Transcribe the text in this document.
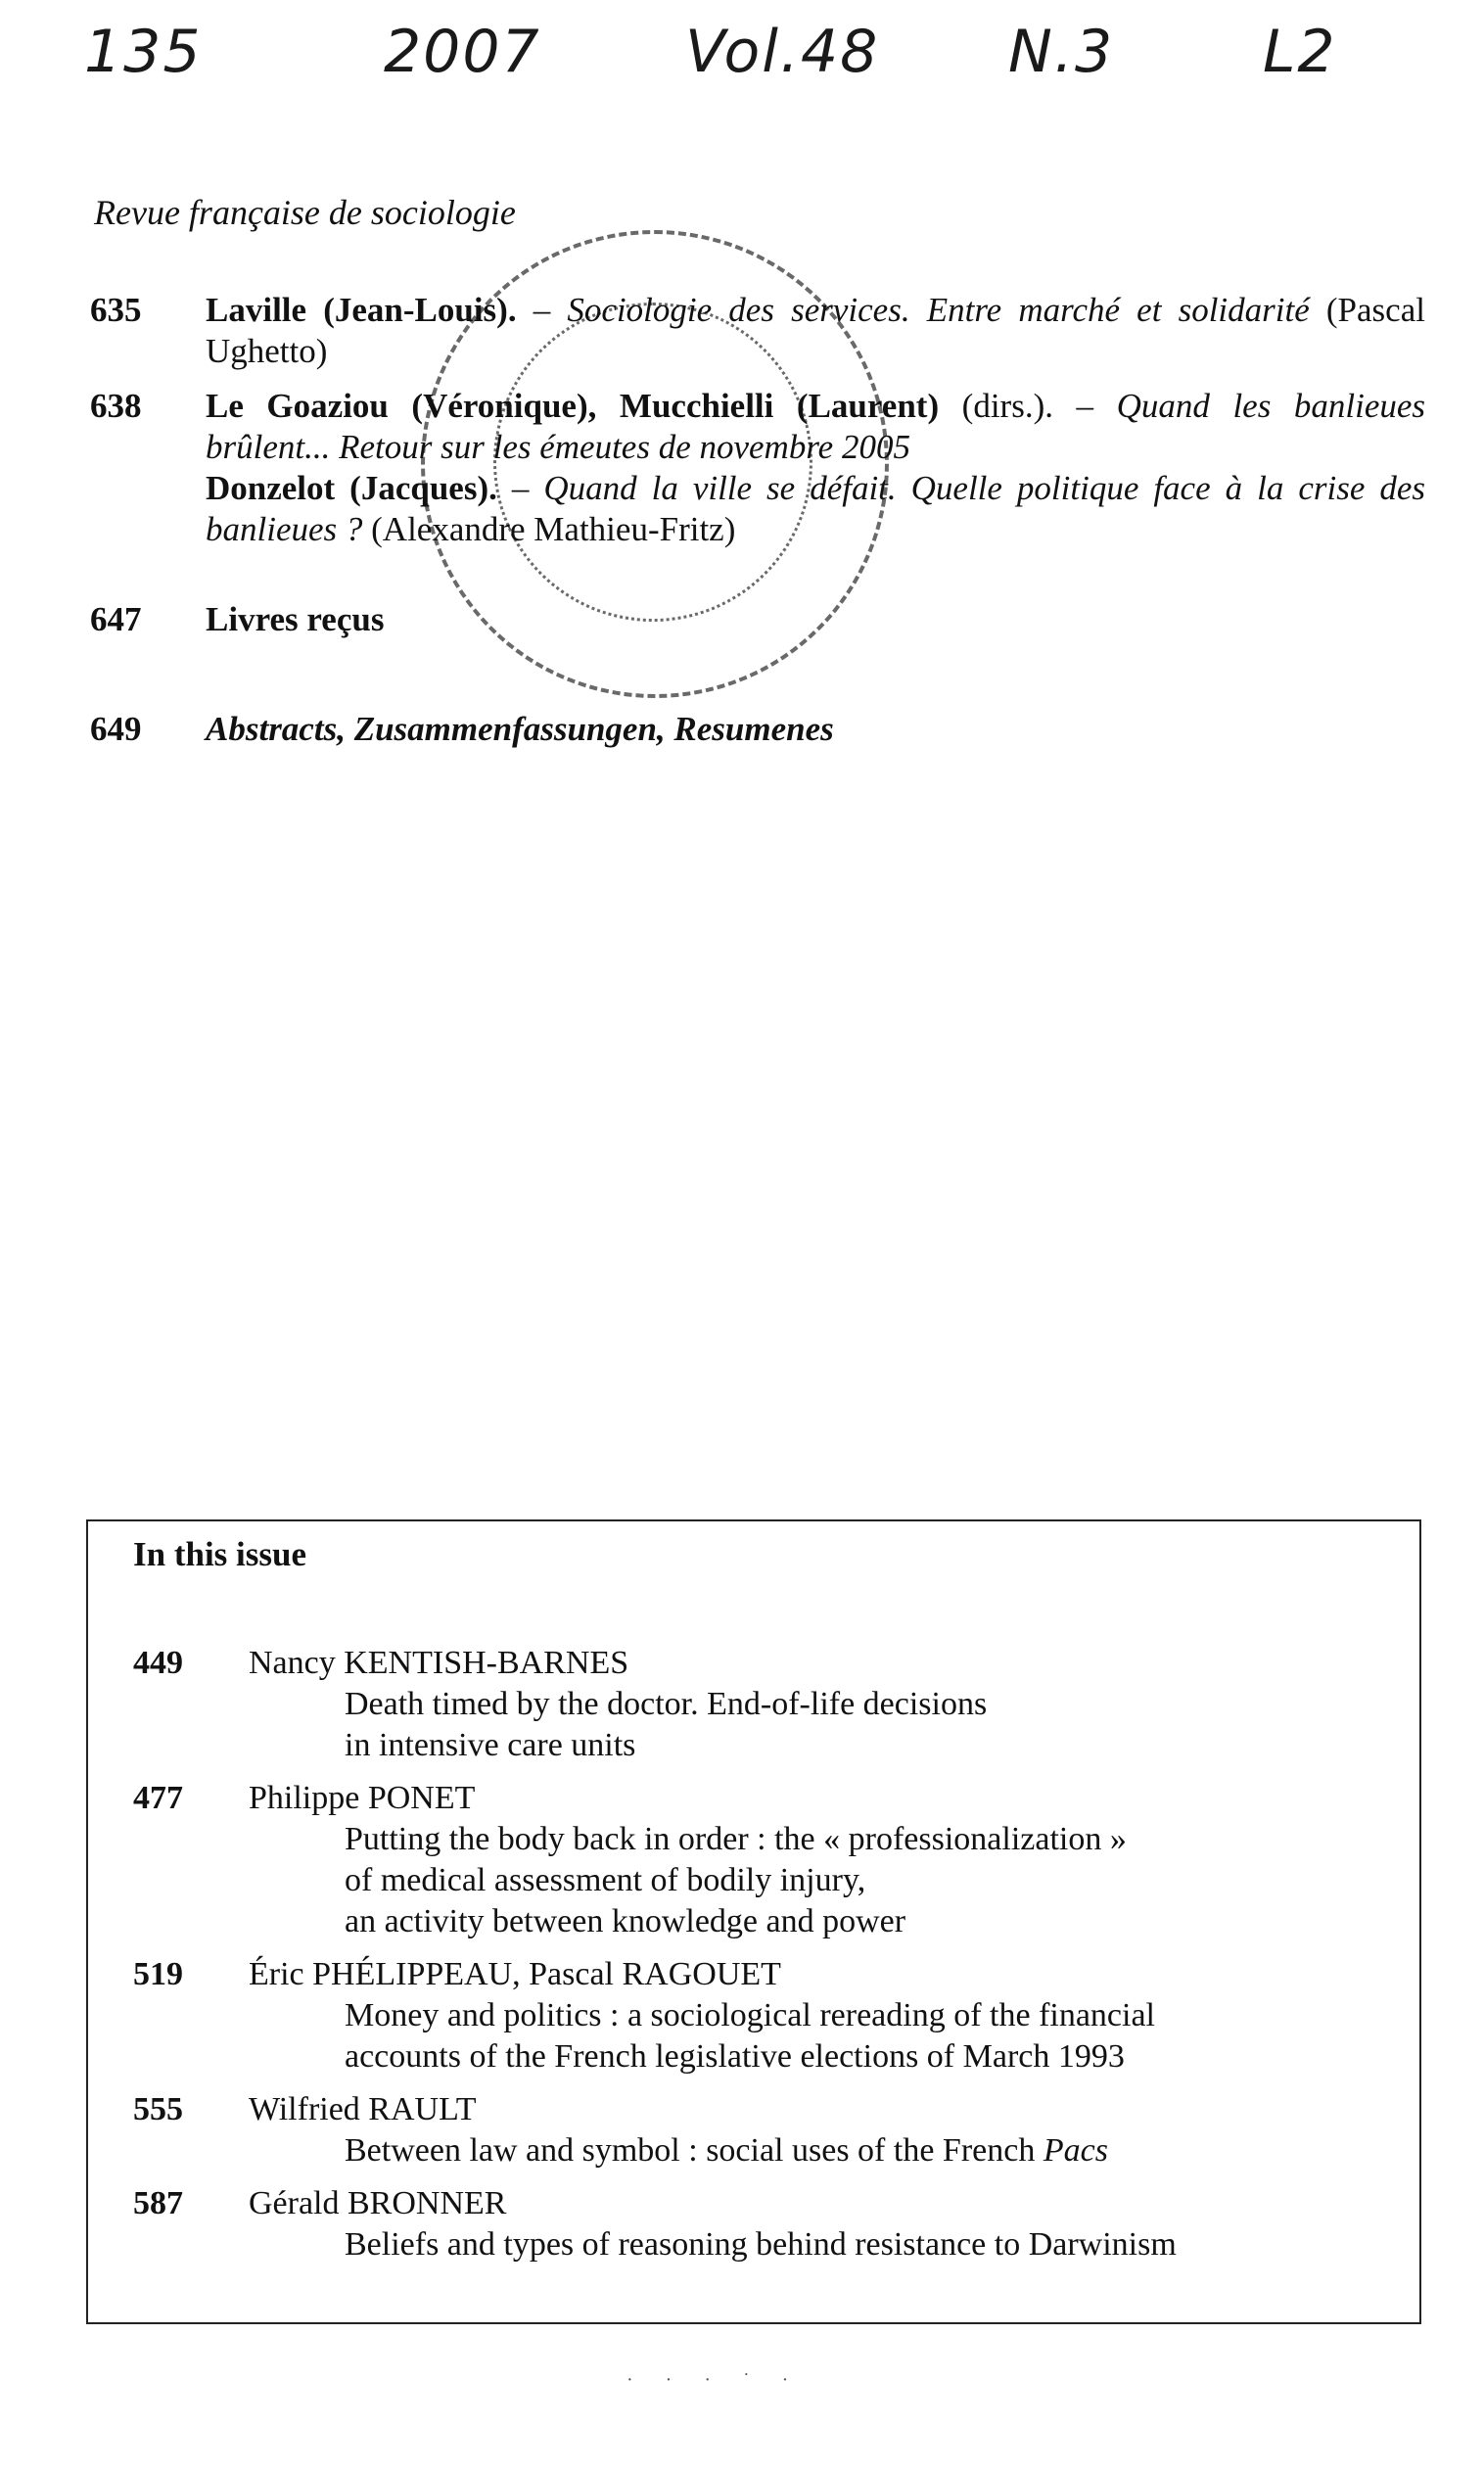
135	2007 Vol.48 N.3	L2
Revue française de sociologie
635	Laville (Jean-Louis). – Sociologie des services. Entre marché et solidarité (Pascal Ughetto)
638	Le Goaziou (Véronique), Mucchielli (Laurent) (dirs.). – Quand les banlieues brûlent... Retour sur les émeutes de novembre 2005
Donzelot (Jacques). – Quand la ville se défait. Quelle politique face à la crise des banlieues ? (Alexandre Mathieu-Fritz)
647	Livres reçus
649	Abstracts, Zusammenfassungen, Resumenes
In this issue
449 Nancy KENTISH-BARNES
Death timed by the doctor. End-of-life decisions
in intensive care units
477 Philippe PONET
Putting the body back in order : the « professionalization »
of medical assessment of bodily injury,
an activity between knowledge and power
519 Éric PHÉLIPPEAU, Pascal RAGOUET
Money and politics : a sociological rereading of the financial
accounts of the French legislative elections of March 1993
555 Wilfried RAULT
Between law and symbol : social uses of the French Pacs
587 Gérald BRONNER
Beliefs and types of reasoning behind resistance to Darwinism
· · · ˙ ·
